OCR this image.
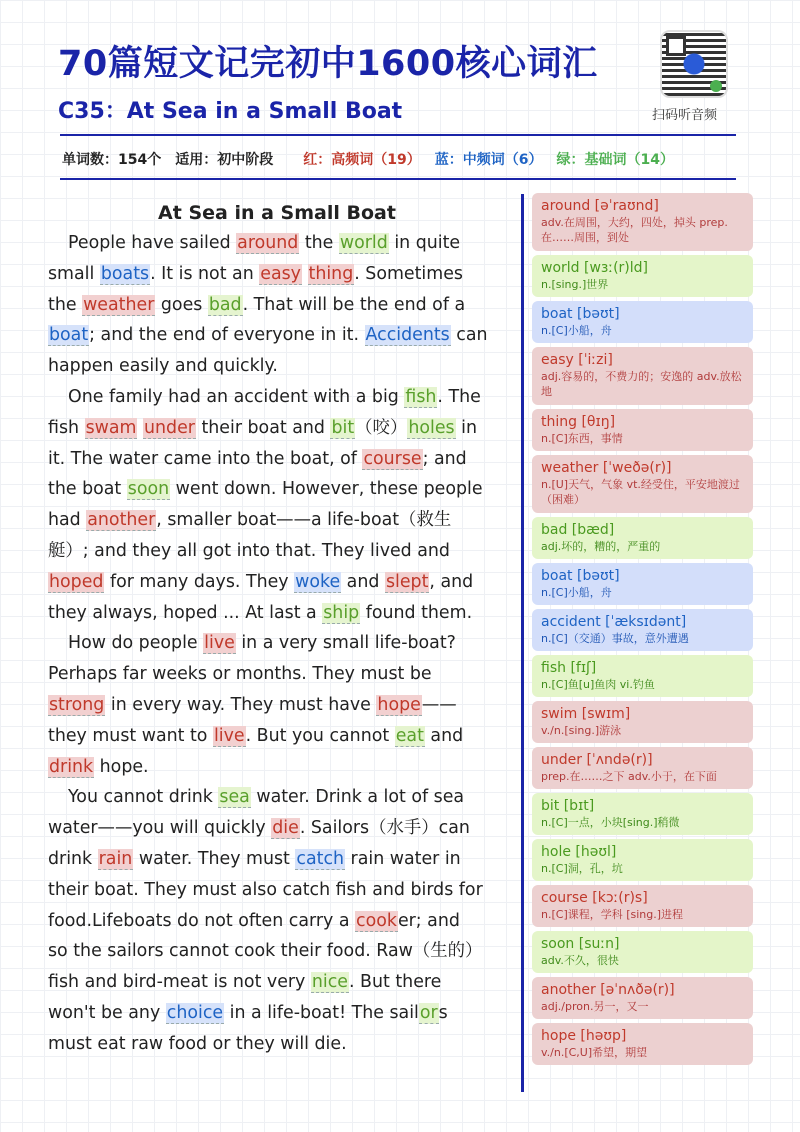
70篇短文记完初中1600核心词汇
C35：At Sea in a Small Boat	扫码听音频
单词数：154个 适用：初中阶段 红：高频词（19） 蓝：中频词（6） 绿：基础词（14）
At Sea in a Small Boat

People have sailed around the world in quite

small boats. It is not an easy thing. Sometimes

the weather goes bad. That will be the end of a

boat; and the end of everyone in it. Accidents can

happen easily and quickly.

One family had an accident with a big fish. The

fish swam under their boat and bit（咬）holes in

it. The water came into the boat, of course; and

the boat soon went down. However, these people

had another, smaller boat——a life-boat（救生

艇）; and they all got into that. They lived and

hoped for many days. They woke and slept, and

they always, hoped ... At last a ship found them.

How do people live in a very small life-boat?

Perhaps far weeks or months. They must be

strong in every way. They must have hope——

they must want to live. But you cannot eat and

drink hope.

You cannot drink sea water. Drink a lot of sea

water——you will quickly die. Sailors（水手）can

drink rain water. They must catch rain water in

their boat. They must also catch fish and birds for

food.Lifeboats do not often carry a cooker; and

so the sailors cannot cook their food. Raw（生的）

fish and bird-meat is not very nice. But there

won't be any choice in a life-boat! The sailors

must eat raw food or they will die.

around [əˈraʊnd]
adv.在周围，大约，四处，掉头 prep.在……周围，到处
world [wɜː(r)ld]
n.[sing.]世界
boat [bəʊt]
n.[C]小船，舟
easy [ˈiːzi]
adj.容易的，不费力的；安逸的 adv.放松地
thing [θɪŋ]
n.[C]东西，事情
weather [ˈweðə(r)]
n.[U]天气，气象 vt.经受住，平安地渡过（困难）
bad [bæd]
adj.坏的，糟的，严重的
boat [bəʊt]
n.[C]小船，舟
accident [ˈæksɪdənt]
n.[C]（交通）事故，意外遭遇
fish [fɪʃ]
n.[C]鱼[u]鱼肉 vi.钓鱼
swim [swɪm]
v./n.[sing.]游泳
under [ˈʌndə(r)]
prep.在……之下 adv.小于，在下面
bit [bɪt]
n.[C]一点，小块[sing.]稍微
hole [həʊl]
n.[C]洞，孔，坑
course [kɔː(r)s]
n.[C]课程，学科 [sing.]进程
soon [suːn]
adv.不久，很快
another [əˈnʌðə(r)]
adj./pron.另一，又一
hope [həʊp]
v./n.[C,U]希望，期望
